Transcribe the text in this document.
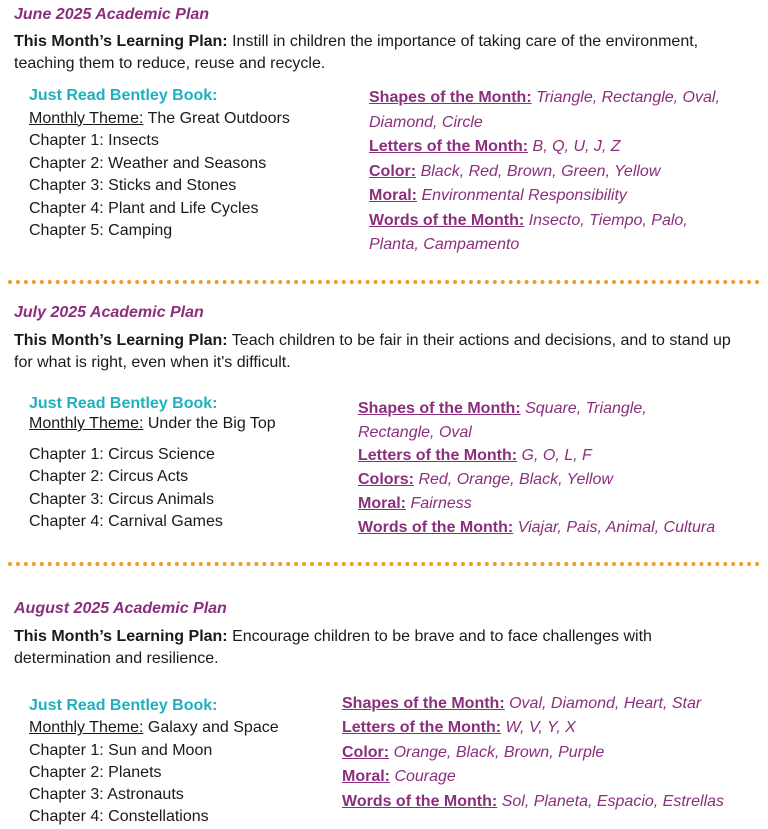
June 2025 Academic Plan

This Month’s Learning Plan: Instill in children the importance of taking care of the environment, teaching them to reduce, reuse and recycle.

Just Read Bentley Book:
Monthly Theme: The Great Outdoors
Chapter 1: Insects
Chapter 2: Weather and Seasons
Chapter 3: Sticks and Stones
Chapter 4: Plant and Life Cycles
Chapter 5: Camping
Shapes of the Month: Triangle, Rectangle, Oval, Diamond, Circle
Letters of the Month: B, Q, U, J, Z
Color: Black, Red, Brown, Green, Yellow
Moral: Environmental Responsibility
Words of the Month: Insecto, Tiempo, Palo, Planta, Campamento
July 2025 Academic Plan

This Month’s Learning Plan: Teach children to be fair in their actions and decisions, and to stand up for what is right, even when it's difficult.

Just Read Bentley Book:
Monthly Theme: Under the Big Top
Chapter 1: Circus Science
Chapter 2: Circus Acts
Chapter 3: Circus Animals
Chapter 4: Carnival Games
Shapes of the Month: Square, Triangle, Rectangle, Oval
Letters of the Month: G, O, L, F
Colors: Red, Orange, Black, Yellow
Moral: Fairness
Words of the Month: Viajar, Pais, Animal, Cultura
August 2025 Academic Plan

This Month’s Learning Plan: Encourage children to be brave and to face challenges with determination and resilience.

Just Read Bentley Book:
Monthly Theme: Galaxy and Space
Chapter 1: Sun and Moon
Chapter 2: Planets
Chapter 3: Astronauts
Chapter 4: Constellations
Shapes of the Month: Oval, Diamond, Heart, Star
Letters of the Month: W, V, Y, X
Color: Orange, Black, Brown, Purple
Moral: Courage
Words of the Month: Sol, Planeta, Espacio, Estrellas
